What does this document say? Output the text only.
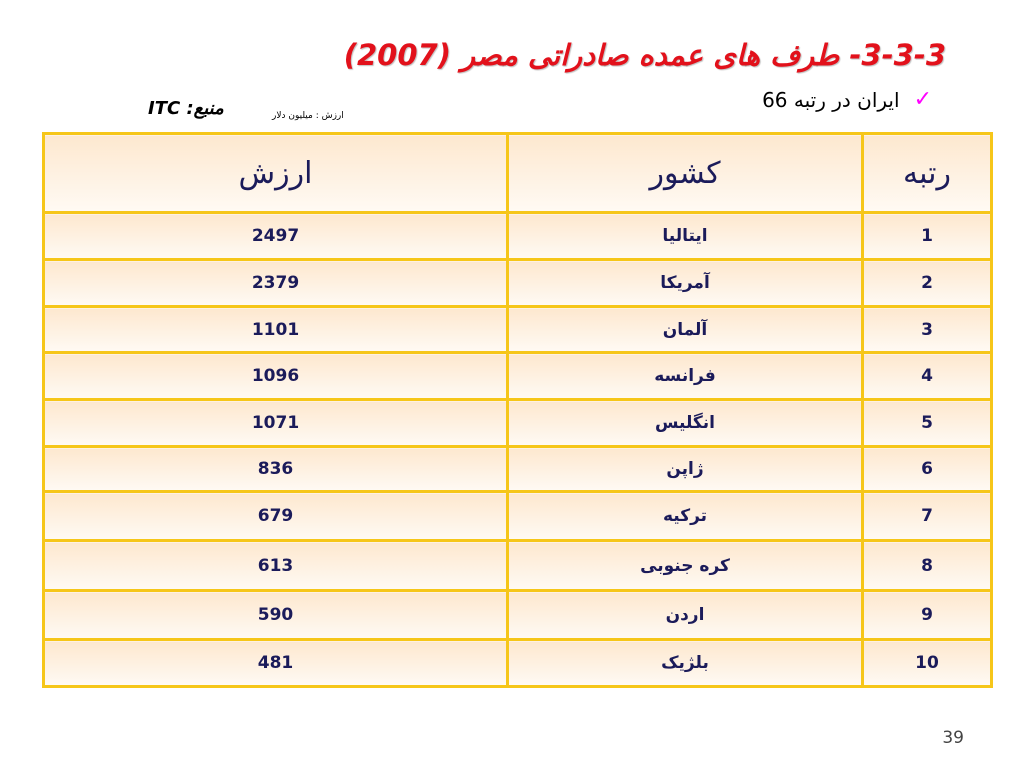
3-3-3- طرف های عمده صادراتی مصر (2007)
✓
ایران در رتبه 66
منبع: ITC	ارزش : میلیون دلار
رتبه	کشور	ارزش
1	ایتالیا	2497
2	آمریکا	2379
3	آلمان	1101
4	فرانسه	1096
5	انگلیس	1071
6	ژاپن	836
7	ترکیه	679
8	کره جنوبی	613
9	اردن	590
10	بلژیک	481
39
